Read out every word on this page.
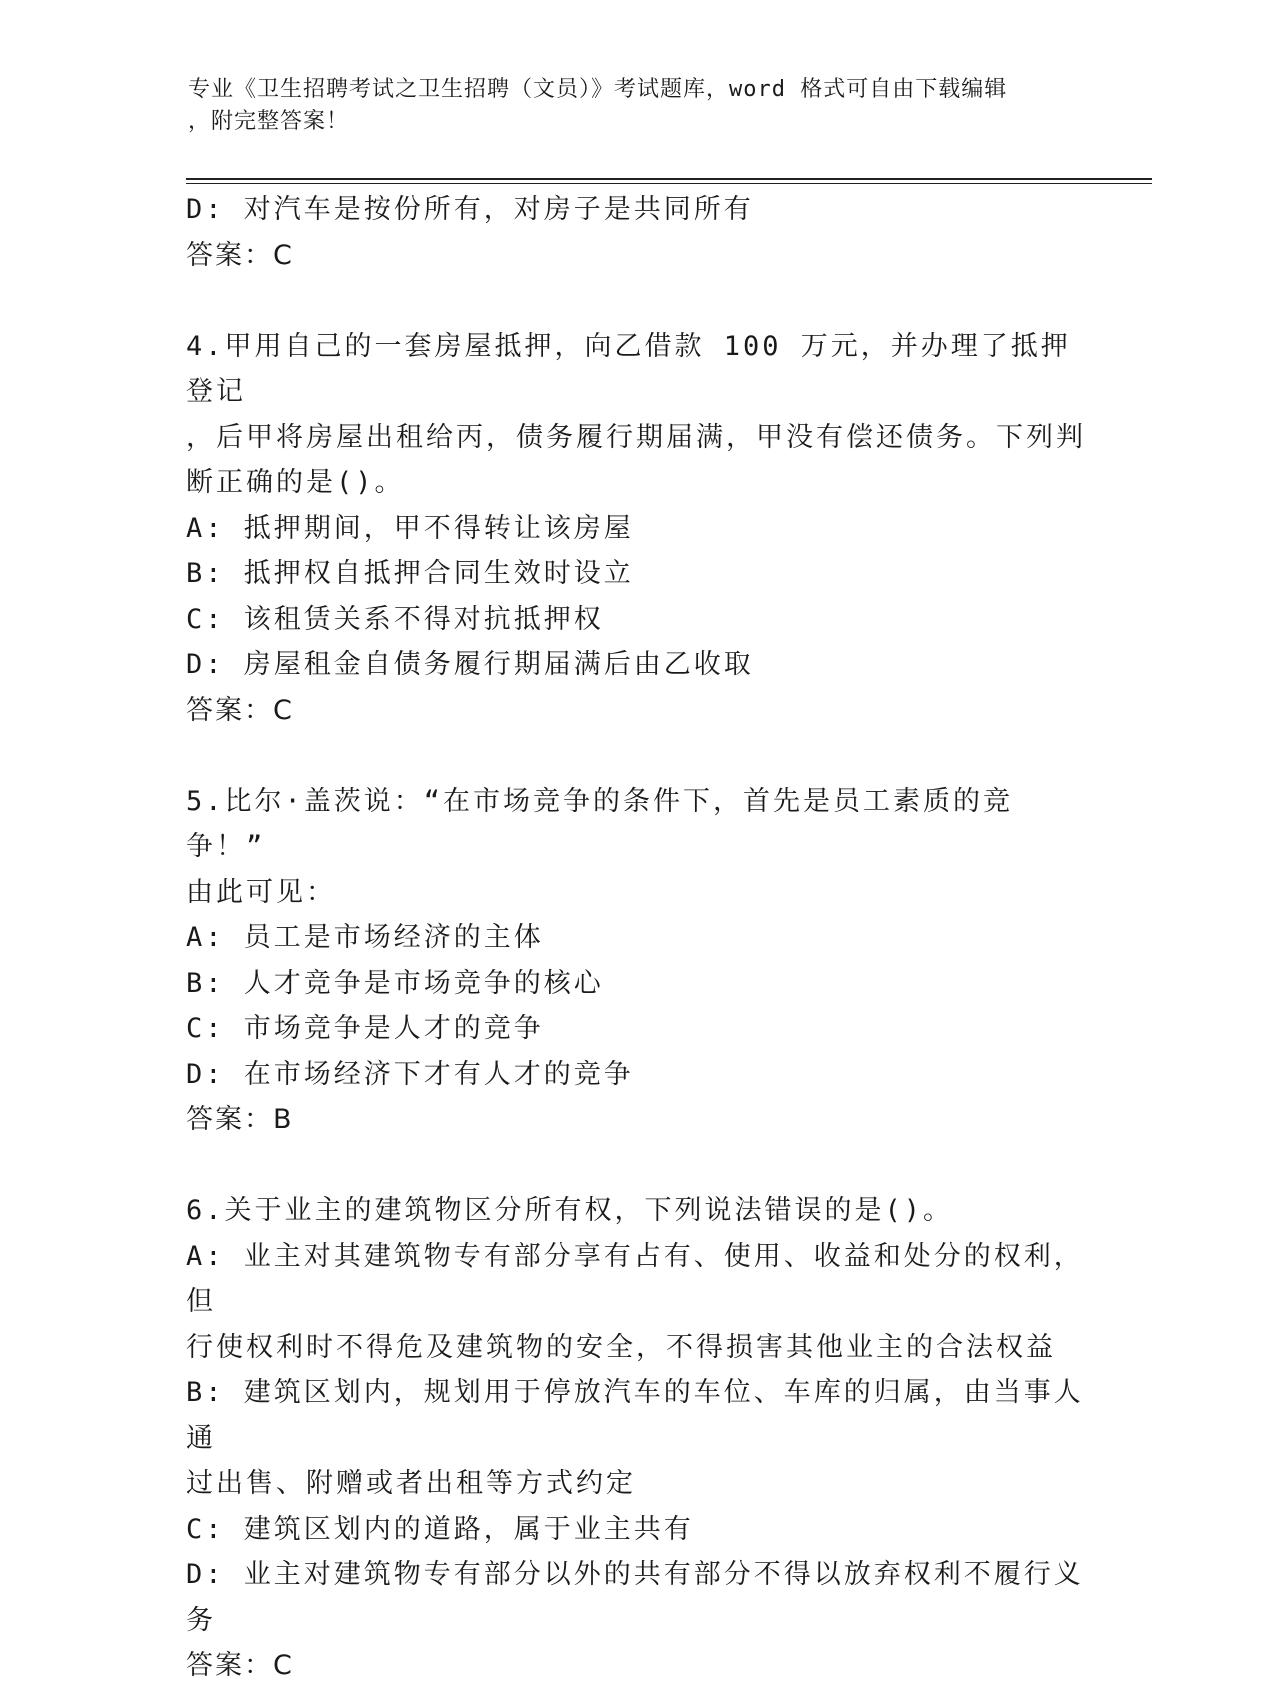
专业《卫生招聘考试之卫生招聘（文员）》考试题库，word 格式可自由下载编辑
，附完整答案！
D: 对汽车是按份所有，对房子是共同所有
答案：C
4.甲用自己的一套房屋抵押，向乙借款 100 万元，并办理了抵押登记
，后甲将房屋出租给丙，债务履行期届满，甲没有偿还债务。下列判
断正确的是()。
A: 抵押期间，甲不得转让该房屋
B: 抵押权自抵押合同生效时设立
C: 该租赁关系不得对抗抵押权
D: 房屋租金自债务履行期届满后由乙收取
答案：C
5.比尔·盖茨说：“在市场竞争的条件下，首先是员工素质的竞争！”
由此可见：
A: 员工是市场经济的主体
B: 人才竞争是市场竞争的核心
C: 市场竞争是人才的竞争
D: 在市场经济下才有人才的竞争
答案：B
6.关于业主的建筑物区分所有权，下列说法错误的是()。
A: 业主对其建筑物专有部分享有占有、使用、收益和处分的权利，但
行使权利时不得危及建筑物的安全，不得损害其他业主的合法权益
B: 建筑区划内，规划用于停放汽车的车位、车库的归属，由当事人通
过出售、附赠或者出租等方式约定
C: 建筑区划内的道路，属于业主共有
D: 业主对建筑物专有部分以外的共有部分不得以放弃权利不履行义务
答案：C
